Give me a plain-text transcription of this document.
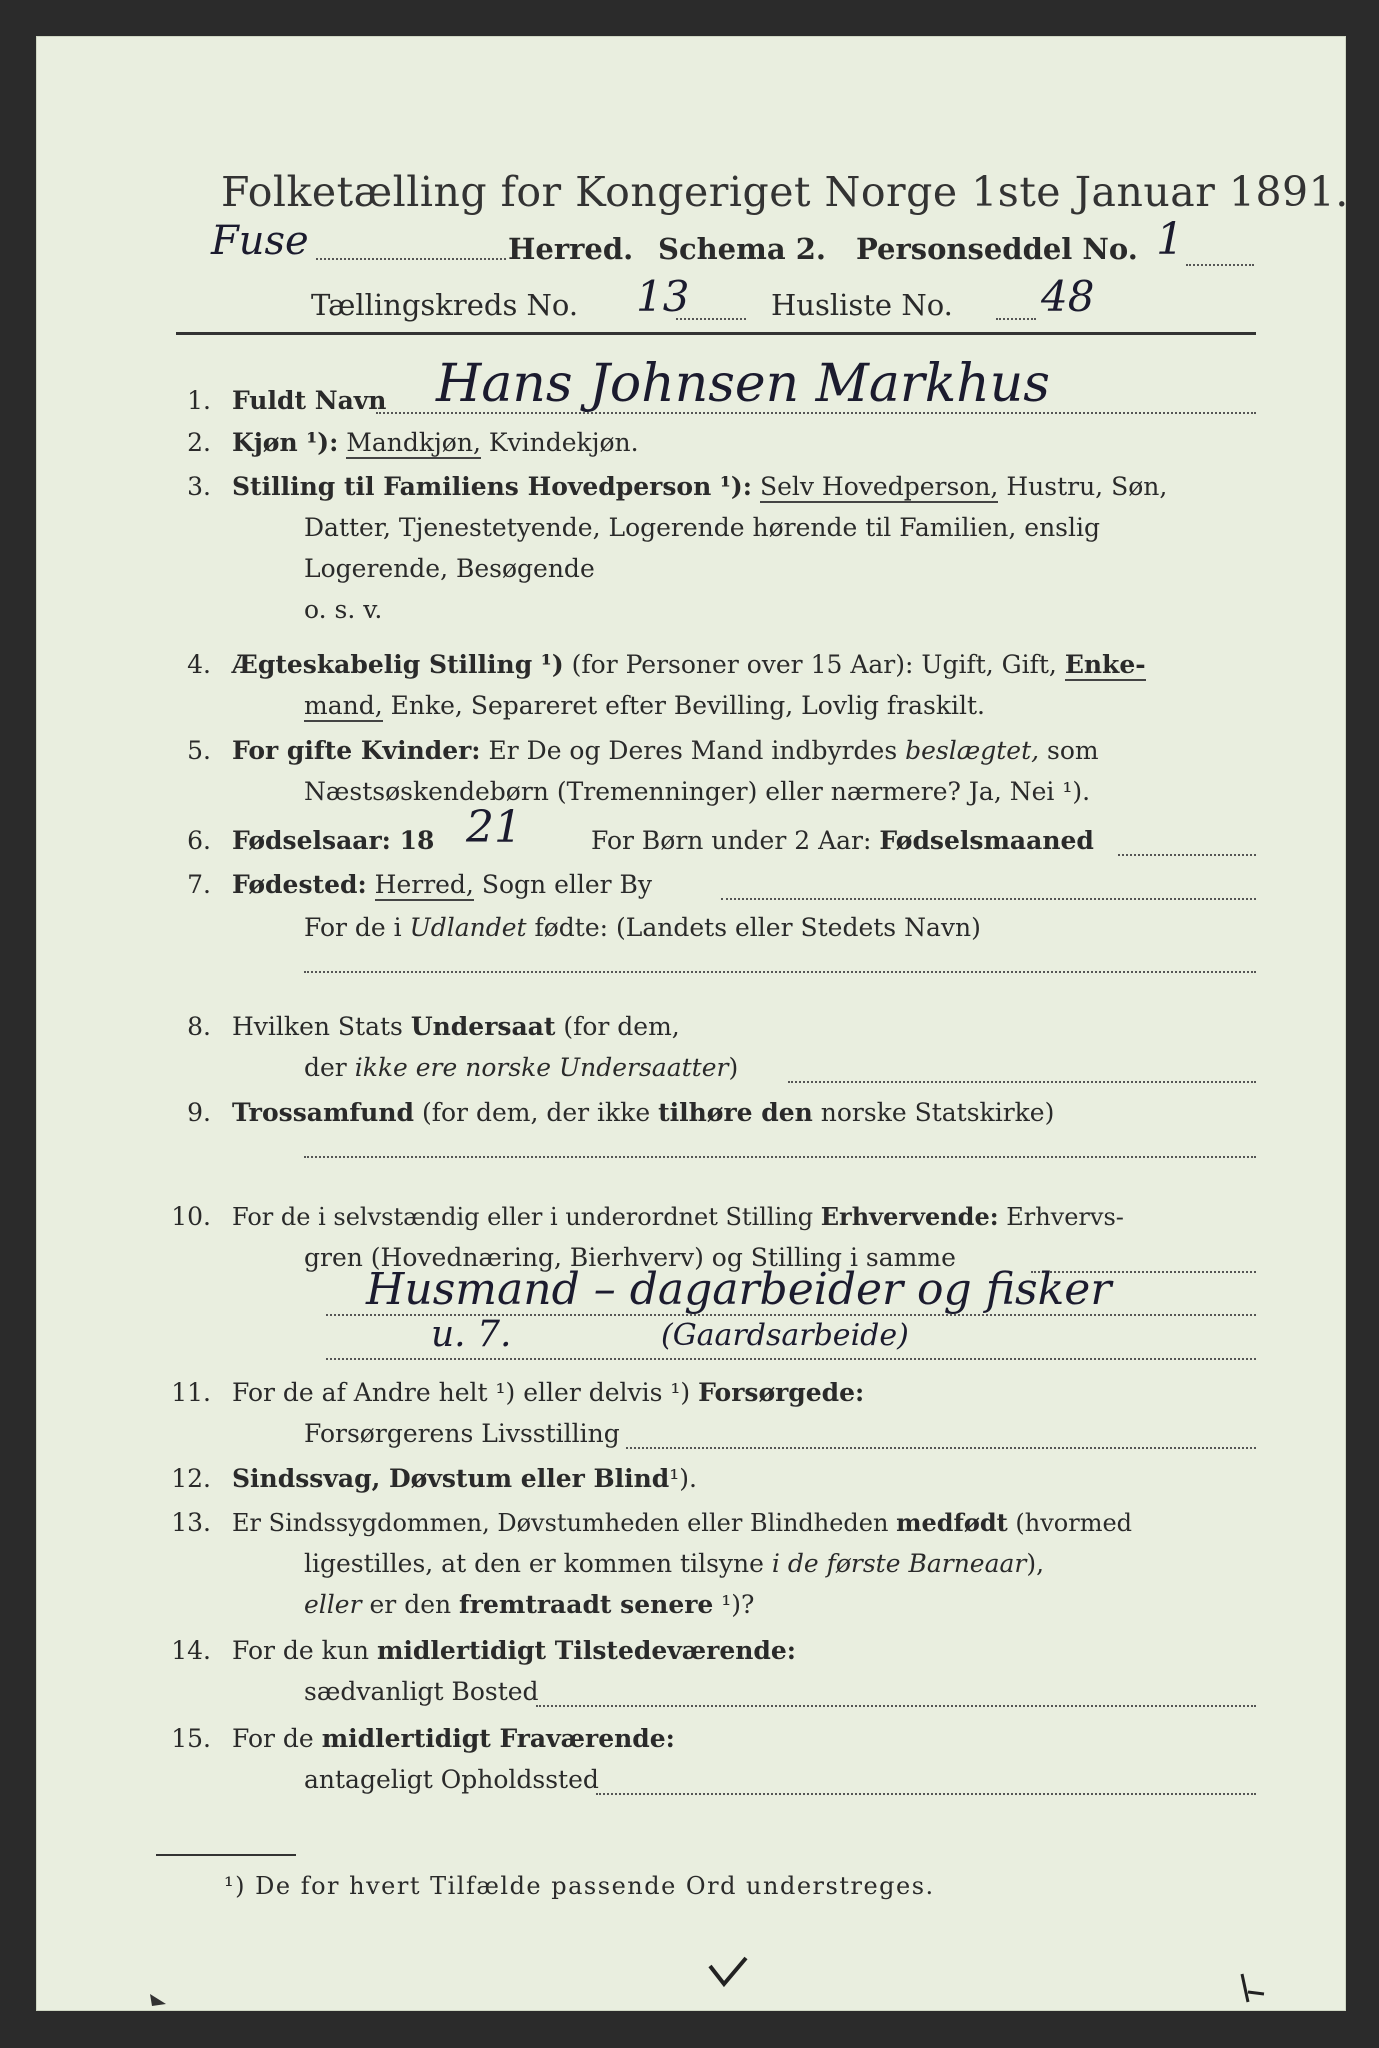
Folketælling for Kongeriget Norge 1ste Januar 1891.
Fuse	Herred. Schema 2. Personseddel No. 1
Tællingskreds No. 13	Husliste No. 48
1. Fuldt Navn Hans Johnsen Markhus
2. Kjøn ¹): Mandkjøn, Kvindekjøn.
3. Stilling til Familiens Hovedperson ¹): Selv Hovedperson, Hustru, Søn,
Datter, Tjenestetyende, Logerende hørende til Familien, enslig
Logerende, Besøgende
o. s. v.
4. Ægteskabelig Stilling ¹) (for Personer over 15 Aar): Ugift, Gift, Enke-
mand, Enke, Separeret efter Bevilling, Lovlig fraskilt.
5. For gifte Kvinder: Er De og Deres Mand indbyrdes beslægtet, som
Næstsøskendebørn (Tremenninger) eller nærmere? Ja, Nei ¹).
6. Fødselsaar: 18 21	For Børn under 2 Aar: Fødselsmaaned
7. Fødested: Herred, Sogn eller By
For de i Udlandet fødte: (Landets eller Stedets Navn)
8. Hvilken Stats Undersaat (for dem,
der ikke ere norske Undersaatter)
9. Trossamfund (for dem, der ikke tilhøre den norske Statskirke)
10. For de i selvstændig eller i underordnet Stilling Erhvervende: Erhvervs-
gren (Hovednæring, Bierhverv) og Stilling i samme
Husmand – dagarbeider og fisker
u. 7.	(Gaardsarbeide)
11. For de af Andre helt ¹) eller delvis ¹) Forsørgede:
Forsørgerens Livsstilling
12. Sindssvag, Døvstum eller Blind¹).
13. Er Sindssygdommen, Døvstumheden eller Blindheden medfødt (hvormed
ligestilles, at den er kommen tilsyne i de første Barneaar),
eller er den fremtraadt senere ¹)?
14. For de kun midlertidigt Tilstedeværende:
sædvanligt Bosted
15. For de midlertidigt Fraværende:
antageligt Opholdssted
¹) De for hvert Tilfælde passende Ord understreges.
